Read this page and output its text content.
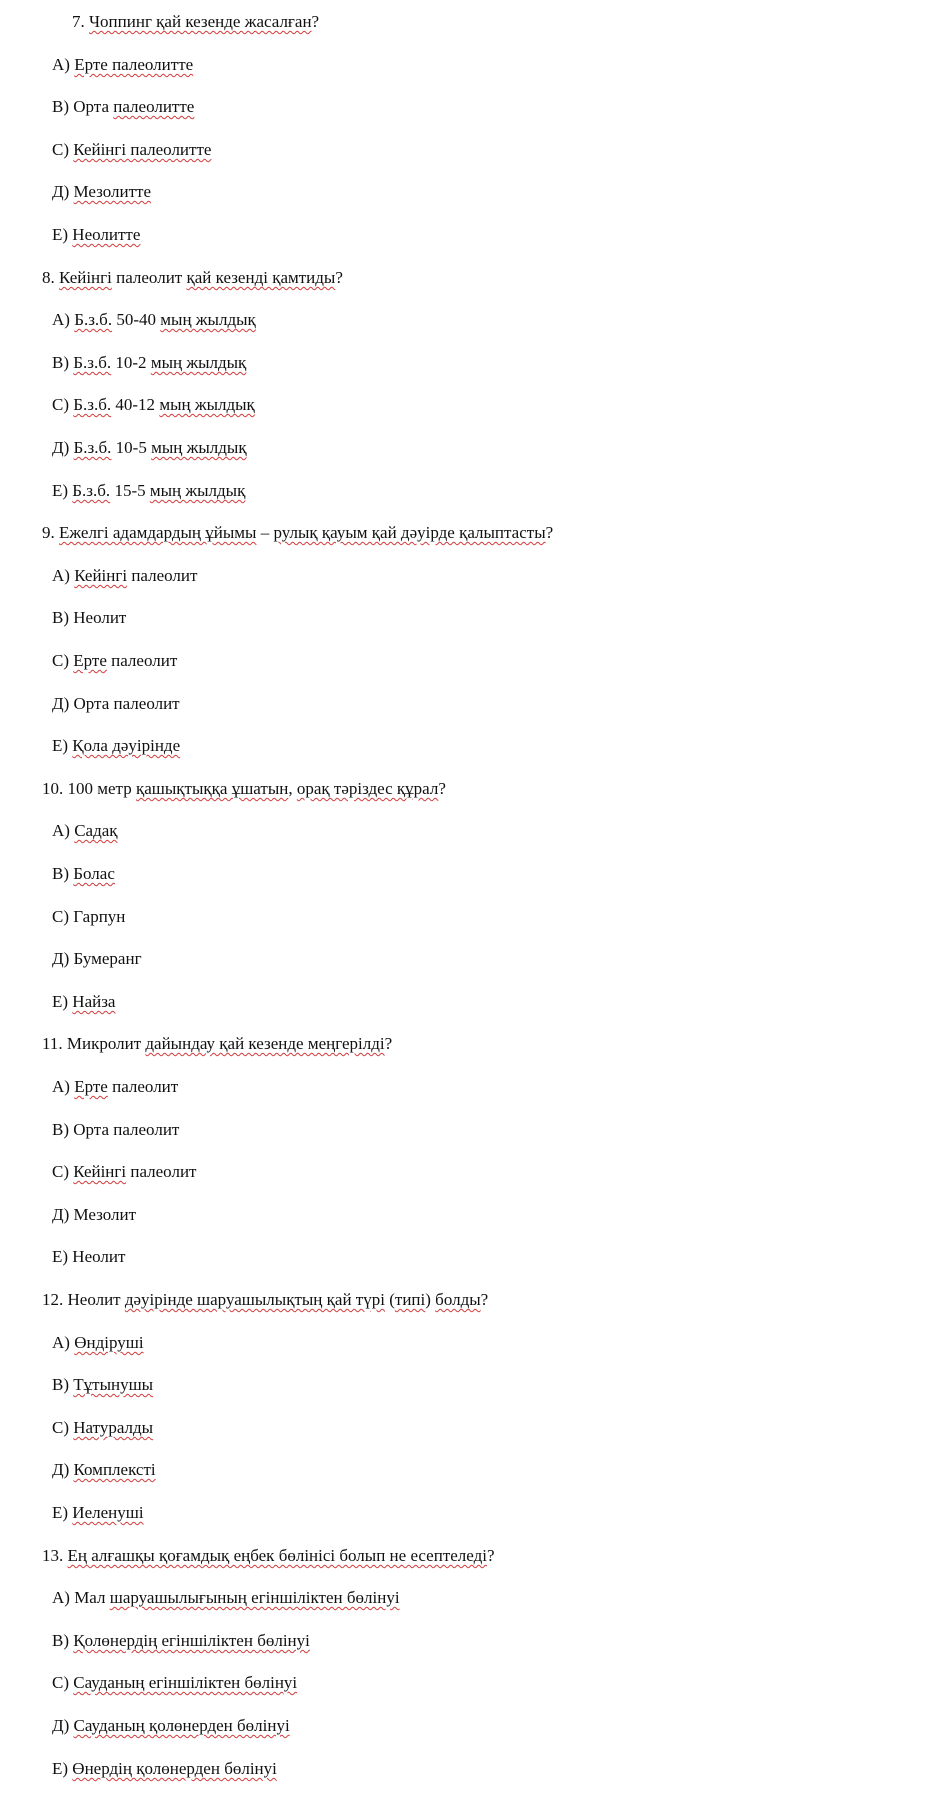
7. Чоппинг қай кезенде жасалған?
А) Ерте палеолитте
В) Орта палеолитте
С) Кейінгі палеолитте
Д) Мезолитте
Е) Неолитте
8. Кейінгі палеолит қай кезенді қамтиды?
А) Б.з.б. 50-40 мың жылдық
В) Б.з.б. 10-2 мың жылдық
С) Б.з.б. 40-12 мың жылдық
Д) Б.з.б. 10-5 мың жылдық
Е) Б.з.б. 15-5 мың жылдық
9. Ежелгі адамдардың ұйымы – рулық қауым қай дәуірде қалыптасты?
А) Кейінгі палеолит
В) Неолит
С) Ерте палеолит
Д) Орта палеолит
Е) Қола дәуірінде
10. 100 метр қашықтыққа ұшатын, орақ тәріздес құрал?
А) Садақ
В) Болас
С) Гарпун
Д) Бумеранг
Е) Найза
11. Микролит дайындау қай кезенде меңгерілді?
А) Ерте палеолит
В) Орта палеолит
С) Кейінгі палеолит
Д) Мезолит
Е) Неолит
12. Неолит дәуірінде шаруашылықтың қай түрі (типі) болды?
А) Өндіруші
В) Тұтынушы
С) Натуралды
Д) Комплексті
Е) Иеленуші
13. Ең алғашқы қоғамдық еңбек бөлінісі болып не есептеледі?
А) Мал шаруашылығының егіншіліктен бөлінуі
В) Қолөнердің егіншіліктен бөлінуі
С) Сауданың егіншіліктен бөлінуі
Д) Сауданың қолөнерден бөлінуі
Е) Өнердің қолөнерден бөлінуі
